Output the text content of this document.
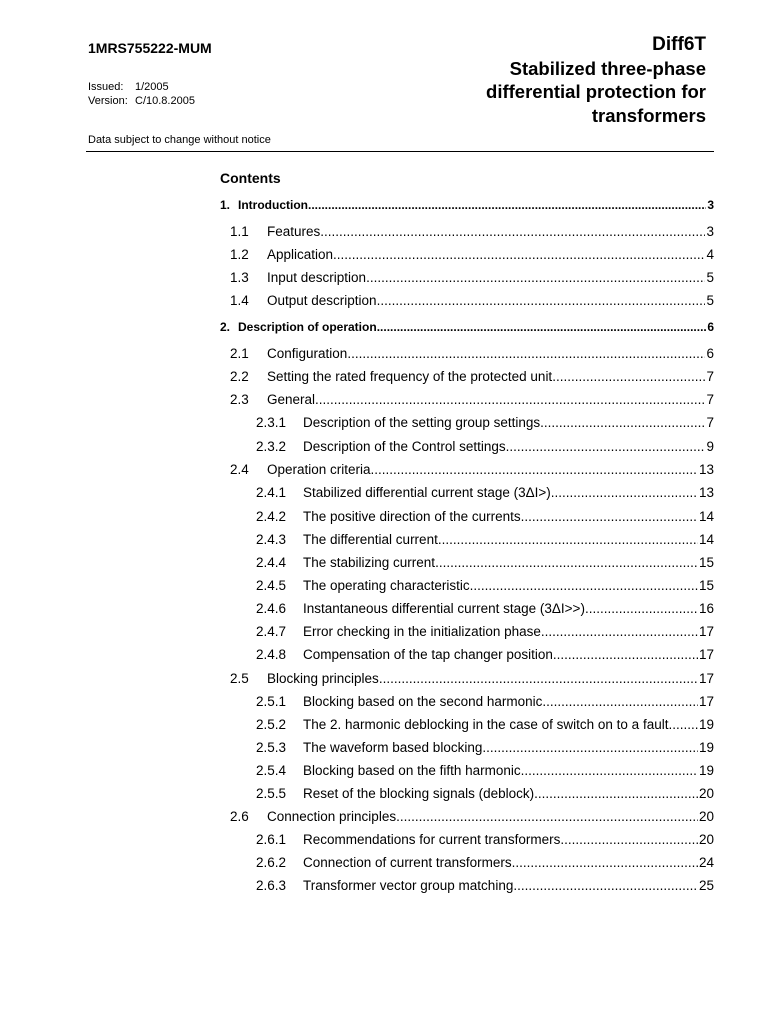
1MRS755222-MUM
Issued: 1/2005
Version: C/10.8.2005
Diff6T
Stabilized three-phase
differential protection for
transformers
Data subject to change without notice
Contents
1. Introduction .....	3
1.1	Features .....	3
1.2	Application .....	4
1.3	Input description .....	5
1.4	Output description .....	5
2. Description of operation .....	6
2.1	Configuration .....	6
2.2	Setting the rated frequency of the protected unit .....	7
2.3	General .....	7
2.3.1	Description of the setting group settings .....	7
2.3.2	Description of the Control settings .....	9
2.4	Operation criteria .....	13
2.4.1	Stabilized differential current stage (3ΔI>) .....	13
2.4.2	The positive direction of the currents .....	14
2.4.3	The differential current .....	14
2.4.4	The stabilizing current .....	15
2.4.5	The operating characteristic .....	15
2.4.6	Instantaneous differential current stage (3ΔI>>) .....	16
2.4.7	Error checking in the initialization phase .....	17
2.4.8	Compensation of the tap changer position .....	17
2.5	Blocking principles .....	17
2.5.1	Blocking based on the second harmonic .....	17
2.5.2	The 2. harmonic deblocking in the case of switch on to a fault ..... 19
2.5.3	The waveform based blocking .....	19
2.5.4	Blocking based on the fifth harmonic .....	19
2.5.5	Reset of the blocking signals (deblock) .....	20
2.6	Connection principles .....	20
2.6.1	Recommendations for current transformers .....	20
2.6.2	Connection of current transformers .....	24
2.6.3	Transformer vector group matching .....	25
